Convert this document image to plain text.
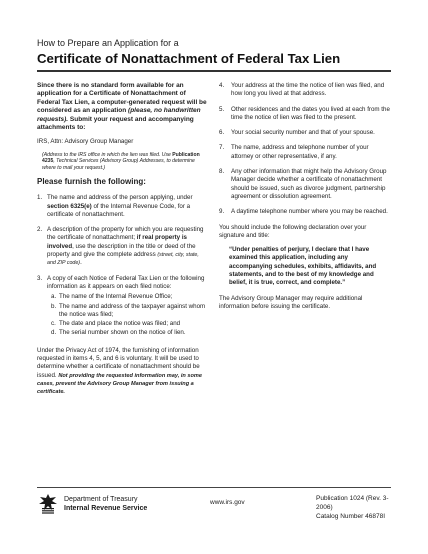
How to Prepare an Application for a
Certificate of Nonattachment of Federal Tax Lien
Since there is no standard form available for an application for a Certificate of Nonattachment of Federal Tax Lien, a computer-generated request will be considered as an application (please, no handwritten requests). Submit your request and accompanying attachments to:
IRS, Attn: Advisory Group Manager
(Address to the IRS office in which the lien was filed. Use Publication 4235, Technical Services (Advisory Group) Addresses, to determine where to mail your request.)
Please furnish the following:
1. The name and address of the person applying, under section 6325(e) of the Internal Revenue Code, for a certificate of nonattachment.
2. A description of the property for which you are requesting the certificate of nonattachment; if real property is involved, use the description in the title or deed of the property and give the complete address (street, city, state, and ZIP code).
3. A copy of each Notice of Federal Tax Lien or the following information as it appears on each filed notice:
a. The name of the Internal Revenue Office;
b. The name and address of the taxpayer against whom the notice was filed;
c. The date and place the notice was filed; and
d. The serial number shown on the notice of lien.
Under the Privacy Act of 1974, the furnishing of information requested in items 4, 5, and 6 is voluntary. It will be used to determine whether a certificate of nonattachment should be issued. Not providing the requested information may, in some cases, prevent the Advisory Group Manager from issuing a certificate.
4.	Your address at the time the notice of lien was filed, and how long you lived at that address.
5.	Other residences and the dates you lived at each from the time the notice of lien was filed to the present.
6.	Your social security number and that of your spouse.
7.	The name, address and telephone number of your attorney or other representative, if any.
8.	Any other information that might help the Advisory Group Manager decide whether a certificate of nonattachment should be issued, such as divorce judgment, partnership agreement or dissolution agreement.
9.	A daytime telephone number where you may be reached.
You should include the following declaration over your signature and title:
“Under penalties of perjury, I declare that I have examined this application, including any accompanying schedules, exhibits, affidavits, and statements, and to the best of my knowledge and belief, it is true, correct, and complete.”
The Advisory Group Manager may require additional information before issuing the certificate.
Department of Treasury
Internal Revenue Service
www.irs.gov
Publication 1024 (Rev. 3-2006)
Catalog Number 46878I
